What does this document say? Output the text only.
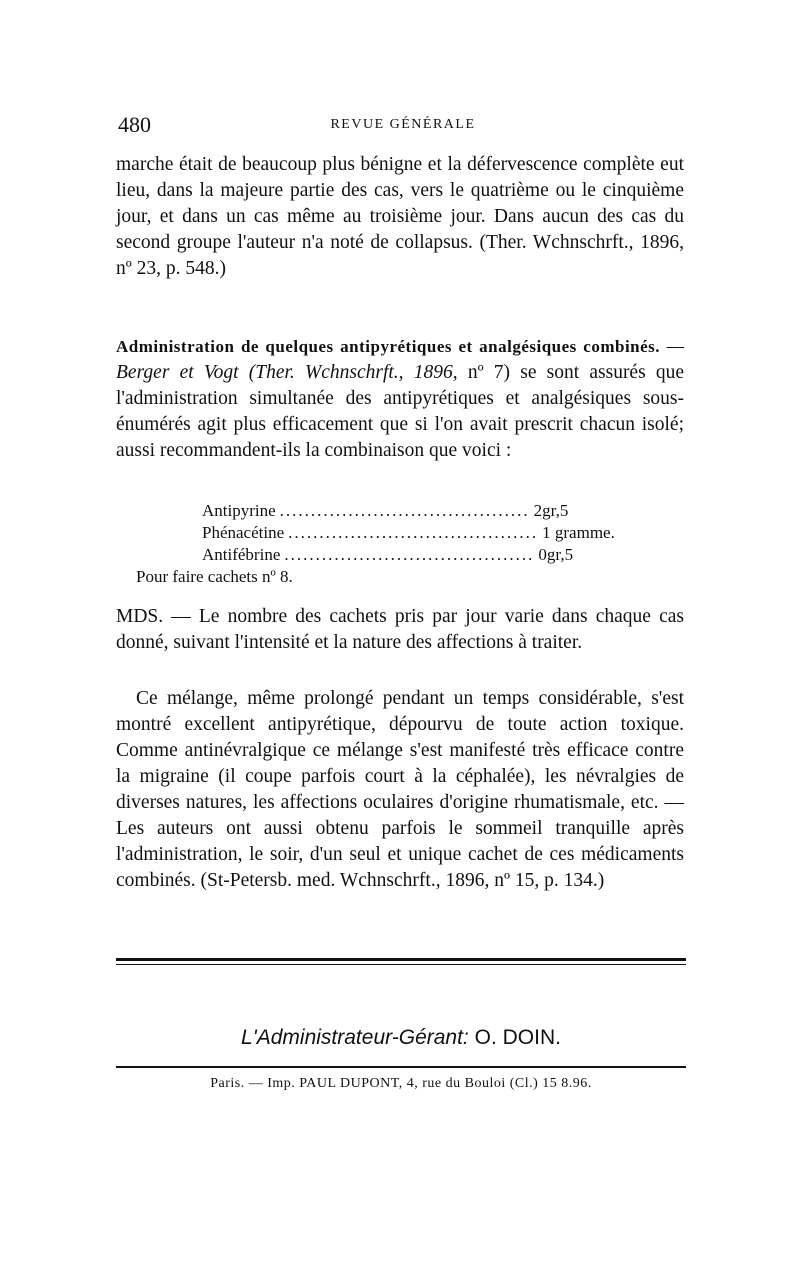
480	REVUE GÉNÉRALE
marche était de beaucoup plus bénigne et la défervescence complète eut lieu, dans la majeure partie des cas, vers le quatrième ou le cinquième jour, et dans un cas même au troisième jour. Dans aucun des cas du second groupe l'auteur n'a noté de collapsus. (Ther. Wchnschrft., 1896, nº 23, p. 548.)
Administration de quelques antipyrétiques et analgésiques combinés. — Berger et Vogt (Ther. Wchnschrft., 1896, nº 7) se sont assurés que l'administration simultanée des antipyrétiques et analgésiques sous-énumérés agit plus efficacement que si l'on avait prescrit chacun isolé; aussi recommandent-ils la combinaison que voici :
Antipyrine ........................................ 2gr,5
Phénacétine ........................................ 1 gramme.
Antifébrine ........................................ 0gr,5
Pour faire cachets nº 8.
MDS. — Le nombre des cachets pris par jour varie dans chaque cas donné, suivant l'intensité et la nature des affections à traiter.
Ce mélange, même prolongé pendant un temps considérable, s'est montré excellent antipyrétique, dépourvu de toute action toxique. Comme antinévralgique ce mélange s'est manifesté très efficace contre la migraine (il coupe parfois court à la céphalée), les névralgies de diverses natures, les affections oculaires d'origine rhumatismale, etc. — Les auteurs ont aussi obtenu parfois le sommeil tranquille après l'administration, le soir, d'un seul et unique cachet de ces médicaments combinés. (St-Petersb. med. Wchnschrft., 1896, nº 15, p. 134.)
L'Administrateur-Gérant: O. DOIN.
Paris. — Imp. PAUL DUPONT, 4, rue du Bouloi (Cl.) 15 8.96.
